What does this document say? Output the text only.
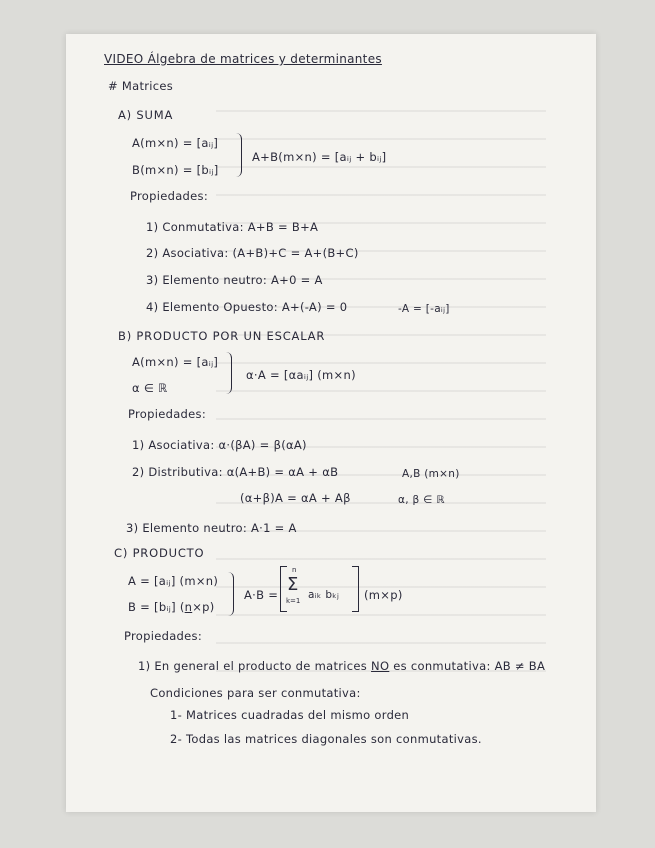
VIDEO Álgebra de matrices y determinantes
# Matrices
A) SUMA
A(m×n) = [aᵢⱼ]
B(m×n) = [bᵢⱼ]
A+B(m×n) = [aᵢⱼ + bᵢⱼ]
Propiedades:
1) Conmutativa: A+B = B+A
2) Asociativa: (A+B)+C = A+(B+C)
3) Elemento neutro: A+0 = A
4) Elemento Opuesto: A+(-A) = 0	-A = [-aᵢⱼ]
B) PRODUCTO POR UN ESCALAR
A(m×n) = [aᵢⱼ]
α ∈ ℝ
α·A = [αaᵢⱼ] (m×n)
Propiedades:
1) Asociativa: α·(βA) = β(αA)
2) Distributiva: α(A+B) = αA + αB	A,B (m×n)
(α+β)A = αA + Aβ	α, β ∈ ℝ
3) Elemento neutro: A·1 = A
C) PRODUCTO
A = [aᵢⱼ] (m×n)
B = [bᵢⱼ] (n×p)
A·B =
n
Σ
k=1 aᵢₖ bₖⱼ (m×p)
Propiedades:
1) En general el producto de matrices NO es conmutativa: AB ≠ BA
Condiciones para ser conmutativa:
1- Matrices cuadradas del mismo orden
2- Todas las matrices diagonales son conmutativas.
